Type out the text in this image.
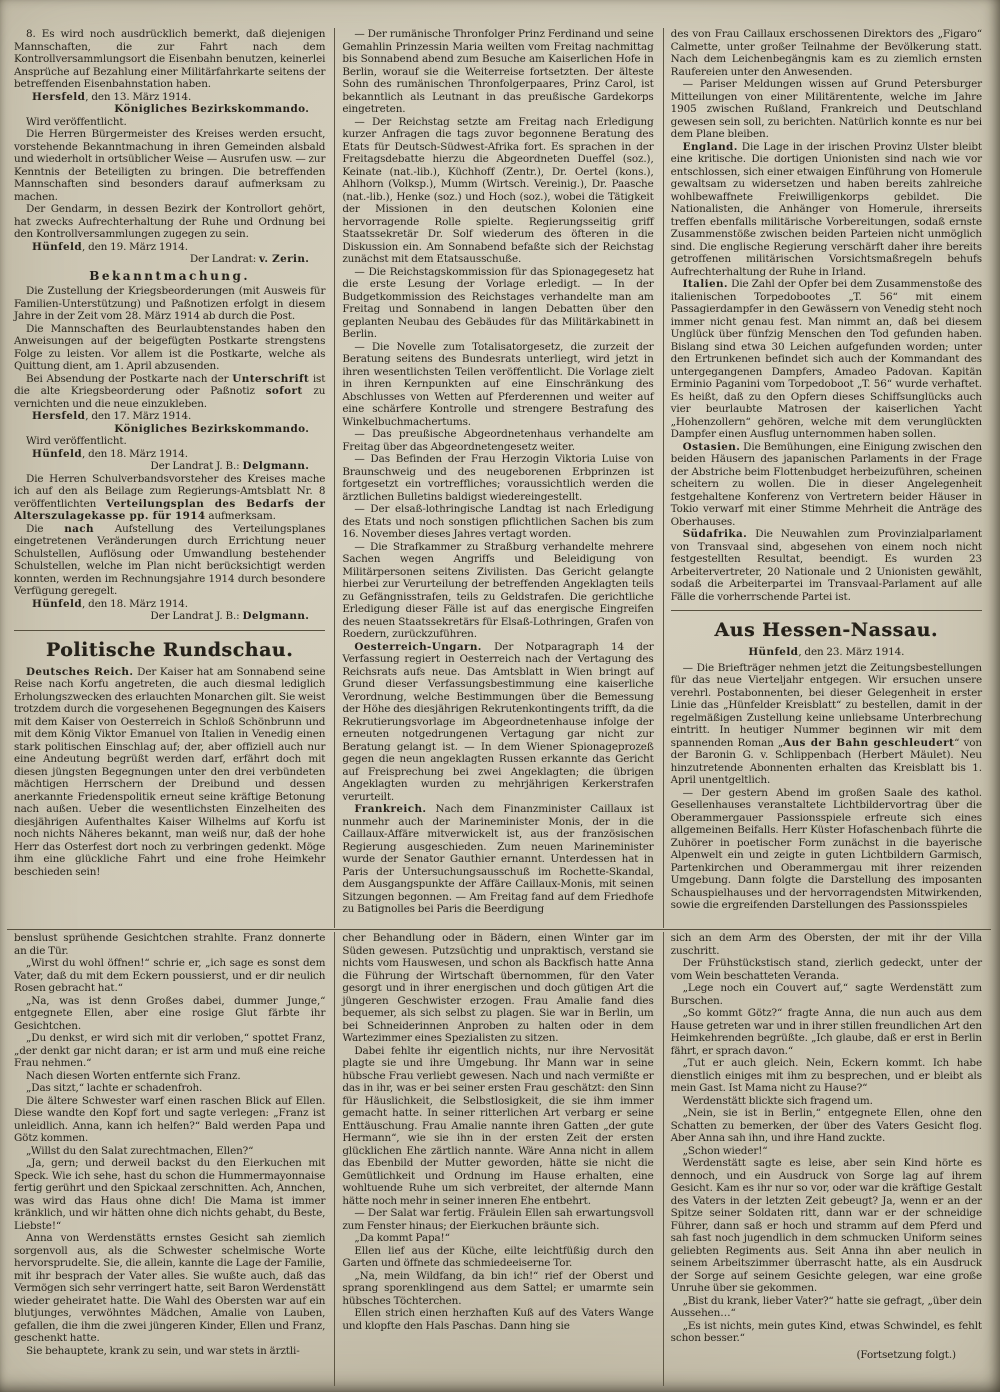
8. Es wird noch ausdrücklich bemerkt, daß diejenigen Mannschaften, die zur Fahrt nach dem Kontrollversammlungsort die Eisenbahn benutzen, keinerlei Ansprüche auf Bezahlung einer Militärfahrkarte seitens der betreffenden Eisenbahnstation haben.
Hersfeld, den 13. März 1914.
Königliches Bezirkskommando.
Wird veröffentlicht.
Die Herren Bürgermeister des Kreises werden ersucht, vorstehende Bekanntmachung in ihren Gemeinden alsbald und wiederholt in ortsüblicher Weise — Ausrufen usw. — zur Kenntnis der Beteiligten zu bringen. Die betreffenden Mannschaften sind besonders darauf aufmerksam zu machen.
Der Gendarm, in dessen Bezirk der Kontrollort gehört, hat zwecks Aufrechterhaltung der Ruhe und Ordnung bei den Kontrollversammlungen zugegen zu sein.
Hünfeld, den 19. März 1914.
Der Landrat: v. Zerin.
Bekanntmachung.
Die Zustellung der Kriegsbeorderungen (mit Ausweis für Familien-Unterstützung) und Paßnotizen erfolgt in diesem Jahre in der Zeit vom 28. März 1914 ab durch die Post.
Die Mannschaften des Beurlaubtenstandes haben den Anweisungen auf der beigefügten Postkarte strengstens Folge zu leisten. Vor allem ist die Postkarte, welche als Quittung dient, am 1. April abzusenden.
Bei Absendung der Postkarte nach der Unterschrift ist die alte Kriegsbeorderung oder Paßnotiz sofort zu vernichten und die neue einzukleben.
Hersfeld, den 17. März 1914.
Königliches Bezirkskommando.
Wird veröffentlicht.
Hünfeld, den 18. März 1914.
Der Landrat J. B.: Delgmann.
Die Herren Schulverbandsvorsteher des Kreises mache ich auf den als Beilage zum Regierungs-Amtsblatt Nr. 8 veröffentlichten Verteilungsplan des Bedarfs der Alterszulagekasse pp. für 1914 aufmerksam.
Die nach Aufstellung des Verteilungsplanes eingetretenen Veränderungen durch Errichtung neuer Schulstellen, Auflösung oder Umwandlung bestehender Schulstellen, welche im Plan nicht berücksichtigt werden konnten, werden im Rechnungsjahre 1914 durch besondere Verfügung geregelt.
Hünfeld, den 18. März 1914.
Der Landrat J. B.: Delgmann.
Politische Rundschau.
Deutsches Reich. Der Kaiser hat am Sonnabend seine Reise nach Korfu angetreten, die auch diesmal lediglich Erholungszwecken des erlauchten Monarchen gilt. Sie weist trotzdem durch die vorgesehenen Begegnungen des Kaisers mit dem Kaiser von Oesterreich in Schloß Schönbrunn und mit dem König Viktor Emanuel von Italien in Venedig einen stark politischen Einschlag auf; der, aber offiziell auch nur eine Andeutung begrüßt werden darf, erfährt doch mit diesen jüngsten Begegnungen unter den drei verbündeten mächtigen Herrschern der Dreibund und dessen anerkannte Friedenspolitik erneut seine kräftige Betonung nach außen. Ueber die wesentlichsten Einzelheiten des diesjährigen Aufenthaltes Kaiser Wilhelms auf Korfu ist noch nichts Näheres bekannt, man weiß nur, daß der hohe Herr das Osterfest dort noch zu verbringen gedenkt. Möge ihm eine glückliche Fahrt und eine frohe Heimkehr beschieden sein!
— Der rumänische Thronfolger Prinz Ferdinand und seine Gemahlin Prinzessin Maria weilten vom Freitag nachmittag bis Sonnabend abend zum Besuche am Kaiserlichen Hofe in Berlin, worauf sie die Weiterreise fortsetzten. Der älteste Sohn des rumänischen Thronfolgerpaares, Prinz Carol, ist bekanntlich als Leutnant in das preußische Gardekorps eingetreten.
— Der Reichstag setzte am Freitag nach Erledigung kurzer Anfragen die tags zuvor begonnene Beratung des Etats für Deutsch-Südwest-Afrika fort. Es sprachen in der Freitagsdebatte hierzu die Abgeordneten Dueffel (soz.), Keinate (nat.-lib.), Küchhoff (Zentr.), Dr. Oertel (kons.), Ahlhorn (Volksp.), Mumm (Wirtsch. Vereinig.), Dr. Paasche (nat.-lib.), Henke (soz.) und Hoch (soz.), wobei die Tätigkeit der Missionen in den deutschen Kolonien eine hervorragende Rolle spielte. Regierungsseitig griff Staatssekretär Dr. Solf wiederum des öfteren in die Diskussion ein. Am Sonnabend befaßte sich der Reichstag zunächst mit dem Etatsausschuße.
— Die Reichstagskommission für das Spionagegesetz hat die erste Lesung der Vorlage erledigt. — In der Budgetkommission des Reichstages verhandelte man am Freitag und Sonnabend in langen Debatten über den geplanten Neubau des Gebäudes für das Militärkabinett in Berlin.
— Die Novelle zum Totalisatorgesetz, die zurzeit der Beratung seitens des Bundesrats unterliegt, wird jetzt in ihren wesentlichsten Teilen veröffentlicht. Die Vorlage zielt in ihren Kernpunkten auf eine Einschränkung des Abschlusses von Wetten auf Pferderennen und weiter auf eine schärfere Kontrolle und strengere Bestrafung des Winkelbuchmachertums.
— Das preußische Abgeordnetenhaus verhandelte am Freitag über das Abgeordnetengesetz weiter.
— Das Befinden der Frau Herzogin Viktoria Luise von Braunschweig und des neugeborenen Erbprinzen ist fortgesetzt ein vortreffliches; voraussichtlich werden die ärztlichen Bulletins baldigst wiedereingestellt.
— Der elsaß-lothringische Landtag ist nach Erledigung des Etats und noch sonstigen pflichtlichen Sachen bis zum 16. November dieses Jahres vertagt worden.
— Die Strafkammer zu Straßburg verhandelte mehrere Sachen wegen Angriffs und Beleidigung von Militärpersonen seitens Zivilisten. Das Gericht gelangte hierbei zur Verurteilung der betreffenden Angeklagten teils zu Gefängnisstrafen, teils zu Geldstrafen. Die gerichtliche Erledigung dieser Fälle ist auf das energische Eingreifen des neuen Staatssekretärs für Elsaß-Lothringen, Grafen von Roedern, zurückzuführen.
Oesterreich-Ungarn. Der Notparagraph 14 der Verfassung regiert in Oesterreich nach der Vertagung des Reichsrats aufs neue. Das Amtsblatt in Wien bringt auf Grund dieser Verfassungsbestimmung eine kaiserliche Verordnung, welche Bestimmungen über die Bemessung der Höhe des diesjährigen Rekrutenkontingents trifft, da die Rekrutierungsvorlage im Abgeordnetenhause infolge der erneuten notgedrungenen Vertagung gar nicht zur Beratung gelangt ist. — In dem Wiener Spionageprozeß gegen die neun angeklagten Russen erkannte das Gericht auf Freisprechung bei zwei Angeklagten; die übrigen Angeklagten wurden zu mehrjährigen Kerkerstrafen verurteilt.
Frankreich. Nach dem Finanzminister Caillaux ist nunmehr auch der Marineminister Monis, der in die Caillaux-Affäre mitverwickelt ist, aus der französischen Regierung ausgeschieden. Zum neuen Marineminister wurde der Senator Gauthier ernannt. Unterdessen hat in Paris der Untersuchungsausschuß im Rochette-Skandal, dem Ausgangspunkte der Affäre Caillaux-Monis, mit seinen Sitzungen begonnen. — Am Freitag fand auf dem Friedhofe zu Batignolles bei Paris die Beerdigung
des von Frau Caillaux erschossenen Direktors des „Figaro“ Calmette, unter großer Teilnahme der Bevölkerung statt. Nach dem Leichenbegängnis kam es zu ziemlich ernsten Raufereien unter den Anwesenden.
— Pariser Meldungen wissen auf Grund Petersburger Mitteilungen von einer Militärentente, welche im Jahre 1905 zwischen Rußland, Frankreich und Deutschland gewesen sein soll, zu berichten. Natürlich konnte es nur bei dem Plane bleiben.
England. Die Lage in der irischen Provinz Ulster bleibt eine kritische. Die dortigen Unionisten sind nach wie vor entschlossen, sich einer etwaigen Einführung von Homerule gewaltsam zu widersetzen und haben bereits zahlreiche wohlbewaffnete Freiwilligenkorps gebildet. Die Nationalisten, die Anhänger von Homerule, ihrerseits treffen ebenfalls militärische Vorbereitungen, sodaß ernste Zusammenstöße zwischen beiden Parteien nicht unmöglich sind. Die englische Regierung verschärft daher ihre bereits getroffenen militärischen Vorsichtsmaßregeln behufs Aufrechterhaltung der Ruhe in Irland.
Italien. Die Zahl der Opfer bei dem Zusammenstoße des italienischen Torpedobootes „T. 56“ mit einem Passagierdampfer in den Gewässern von Venedig steht noch immer nicht genau fest. Man nimmt an, daß bei diesem Unglück über fünfzig Menschen den Tod gefunden haben. Bislang sind etwa 30 Leichen aufgefunden worden; unter den Ertrunkenen befindet sich auch der Kommandant des untergegangenen Dampfers, Amadeo Padovan. Kapitän Erminio Paganini vom Torpedoboot „T. 56“ wurde verhaftet. Es heißt, daß zu den Opfern dieses Schiffsunglücks auch vier beurlaubte Matrosen der kaiserlichen Yacht „Hohenzollern“ gehören, welche mit dem verunglückten Dampfer einen Ausflug unternommen haben sollen.
Ostasien. Die Bemühungen, eine Einigung zwischen den beiden Häusern des japanischen Parlaments in der Frage der Abstriche beim Flottenbudget herbeizuführen, scheinen scheitern zu wollen. Die in dieser Angelegenheit festgehaltene Konferenz von Vertretern beider Häuser in Tokio verwarf mit einer Stimme Mehrheit die Anträge des Oberhauses.
Südafrika. Die Neuwahlen zum Provinzialparlament von Transvaal sind, abgesehen von einem noch nicht festgestellten Resultat, beendigt. Es wurden 23 Arbeitervertreter, 20 Nationale und 2 Unionisten gewählt, sodaß die Arbeiterpartei im Transvaal-Parlament auf alle Fälle die vorherrschende Partei ist.
Aus Hessen-Nassau.
Hünfeld, den 23. März 1914.
— Die Briefträger nehmen jetzt die Zeitungsbestellungen für das neue Vierteljahr entgegen. Wir ersuchen unsere verehrl. Postabonnenten, bei dieser Gelegenheit in erster Linie das „Hünfelder Kreisblatt“ zu bestellen, damit in der regelmäßigen Zustellung keine unliebsame Unterbrechung eintritt. In heutiger Nummer beginnen wir mit dem spannenden Roman „Aus der Bahn geschleudert“ von der Baronin G. v. Schlippenbach (Herbert Mäulet). Neu hinzutretende Abonnenten erhalten das Kreisblatt bis 1. April unentgeltlich.
— Der gestern Abend im großen Saale des kathol. Gesellenhauses veranstaltete Lichtbildervortrag über die Oberammergauer Passionsspiele erfreute sich eines allgemeinen Beifalls. Herr Küster Hofaschenbach führte die Zuhörer in poetischer Form zunächst in die bayerische Alpenwelt ein und zeigte in guten Lichtbildern Garmisch, Partenkirchen und Oberammergau mit ihrer reizenden Umgebung. Dann folgte die Darstellung des imposanten Schauspielhauses und der hervorragendsten Mitwirkenden, sowie die ergreifenden Darstellungen des Passionsspieles
benslust sprühende Gesichtchen strahlte. Franz donnerte an die Tür.
„Wirst du wohl öffnen!“ schrie er, „ich sage es sonst dem Vater, daß du mit dem Eckern poussierst, und er dir neulich Rosen gebracht hat.“
„Na, was ist denn Großes dabei, dummer Junge,“ entgegnete Ellen, aber eine rosige Glut färbte ihr Gesichtchen.
„Du denkst, er wird sich mit dir verloben,“ spottet Franz, „der denkt gar nicht daran; er ist arm und muß eine reiche Frau nehmen.“
Nach diesen Worten entfernte sich Franz.
„Das sitzt,“ lachte er schadenfroh.
Die ältere Schwester warf einen raschen Blick auf Ellen. Diese wandte den Kopf fort und sagte verlegen: „Franz ist unleidlich. Anna, kann ich helfen?“ Bald werden Papa und Götz kommen.
„Willst du den Salat zurechtmachen, Ellen?“
„Ja, gern; und derweil backst du den Eierkuchen mit Speck. Wie ich sehe, hast du schon die Hummermayonnaise fertig gerührt und den Spickaal zerschnitten. Ach, Annchen, was wird das Haus ohne dich! Die Mama ist immer kränklich, und wir hätten ohne dich nichts gehabt, du Beste, Liebste!“
Anna von Werdenstätts ernstes Gesicht sah ziemlich sorgenvoll aus, als die Schwester schelmische Worte hervorsprudelte. Sie, die allein, kannte die Lage der Familie, mit ihr besprach der Vater alles. Sie wußte auch, daß das Vermögen sich sehr verringert hatte, seit Baron Werdenstätt wieder geheiratet hatte. Die Wahl des Obersten war auf ein blutjunges, verwöhntes Mädchen, Amalie von Lauben, gefallen, die ihm die zwei jüngeren Kinder, Ellen und Franz, geschenkt hatte.
Sie behauptete, krank zu sein, und war stets in ärztli-
cher Behandlung oder in Bädern, einen Winter gar im Süden gewesen. Putzsüchtig und unpraktisch, verstand sie nichts vom Hauswesen, und schon als Backfisch hatte Anna die Führung der Wirtschaft übernommen, für den Vater gesorgt und in ihrer energischen und doch gütigen Art die jüngeren Geschwister erzogen. Frau Amalie fand dies bequemer, als sich selbst zu plagen. Sie war in Berlin, um bei Schneiderinnen Anproben zu halten oder in dem Wartezimmer eines Spezialisten zu sitzen.
Dabei fehlte ihr eigentlich nichts, nur ihre Nervosität plagte sie und ihre Umgebung. Ihr Mann war in seine hübsche Frau verliebt gewesen. Nach und nach vermißte er das in ihr, was er bei seiner ersten Frau geschätzt: den Sinn für Häuslichkeit, die Selbstlosigkeit, die sie ihm immer gemacht hatte. In seiner ritterlichen Art verbarg er seine Enttäuschung. Frau Amalie nannte ihren Gatten „der gute Hermann“, wie sie ihn in der ersten Zeit der ersten glücklichen Ehe zärtlich nannte. Wäre Anna nicht in allem das Ebenbild der Mutter geworden, hätte sie nicht die Gemütlichkeit und Ordnung im Hause erhalten, eine wohltuende Ruhe um sich verbreitet, der alternde Mann hätte noch mehr in seiner inneren Ehe entbehrt.
— Der Salat war fertig. Fräulein Ellen sah erwartungsvoll zum Fenster hinaus; der Eierkuchen bräunte sich.
„Da kommt Papa!“
Ellen lief aus der Küche, eilte leichtfüßig durch den Garten und öffnete das schmiedeeiserne Tor.
„Na, mein Wildfang, da bin ich!“ rief der Oberst und sprang sporenklingend aus dem Sattel; er umarmte sein hübsches Töchterchen.
Ellen strich einen herzhaften Kuß auf des Vaters Wange und klopfte den Hals Paschas. Dann hing sie
sich an dem Arm des Obersten, der mit ihr der Villa zuschritt.
Der Frühstückstisch stand, zierlich gedeckt, unter der vom Wein beschatteten Veranda.
„Lege noch ein Couvert auf,“ sagte Werdenstätt zum Burschen.
„So kommt Götz?“ fragte Anna, die nun auch aus dem Hause getreten war und in ihrer stillen freundlichen Art den Heimkehrenden begrüßte. „Ich glaube, daß er erst in Berlin fährt, er sprach davon.“
„Tut er auch gleich. Nein, Eckern kommt. Ich habe dienstlich einiges mit ihm zu besprechen, und er bleibt als mein Gast. Ist Mama nicht zu Hause?“
Werdenstätt blickte sich fragend um.
„Nein, sie ist in Berlin,“ entgegnete Ellen, ohne den Schatten zu bemerken, der über des Vaters Gesicht flog. Aber Anna sah ihn, und ihre Hand zuckte.
„Schon wieder!“
Werdenstätt sagte es leise, aber sein Kind hörte es dennoch, und ein Ausdruck von Sorge lag auf ihrem Gesicht. Kam es ihr nur so vor, oder war die kräftige Gestalt des Vaters in der letzten Zeit gebeugt? Ja, wenn er an der Spitze seiner Soldaten ritt, dann war er der schneidige Führer, dann saß er hoch und stramm auf dem Pferd und sah fast noch jugendlich in dem schmucken Uniform seines geliebten Regiments aus. Seit Anna ihn aber neulich in seinem Arbeitszimmer überrascht hatte, als ein Ausdruck der Sorge auf seinem Gesichte gelegen, war eine große Unruhe über sie gekommen.
„Bist du krank, lieber Vater?“ hatte sie gefragt, „über dein Aussehen…“
„Es ist nichts, mein gutes Kind, etwas Schwindel, es fehlt schon besser.“
(Fortsetzung folgt.)
